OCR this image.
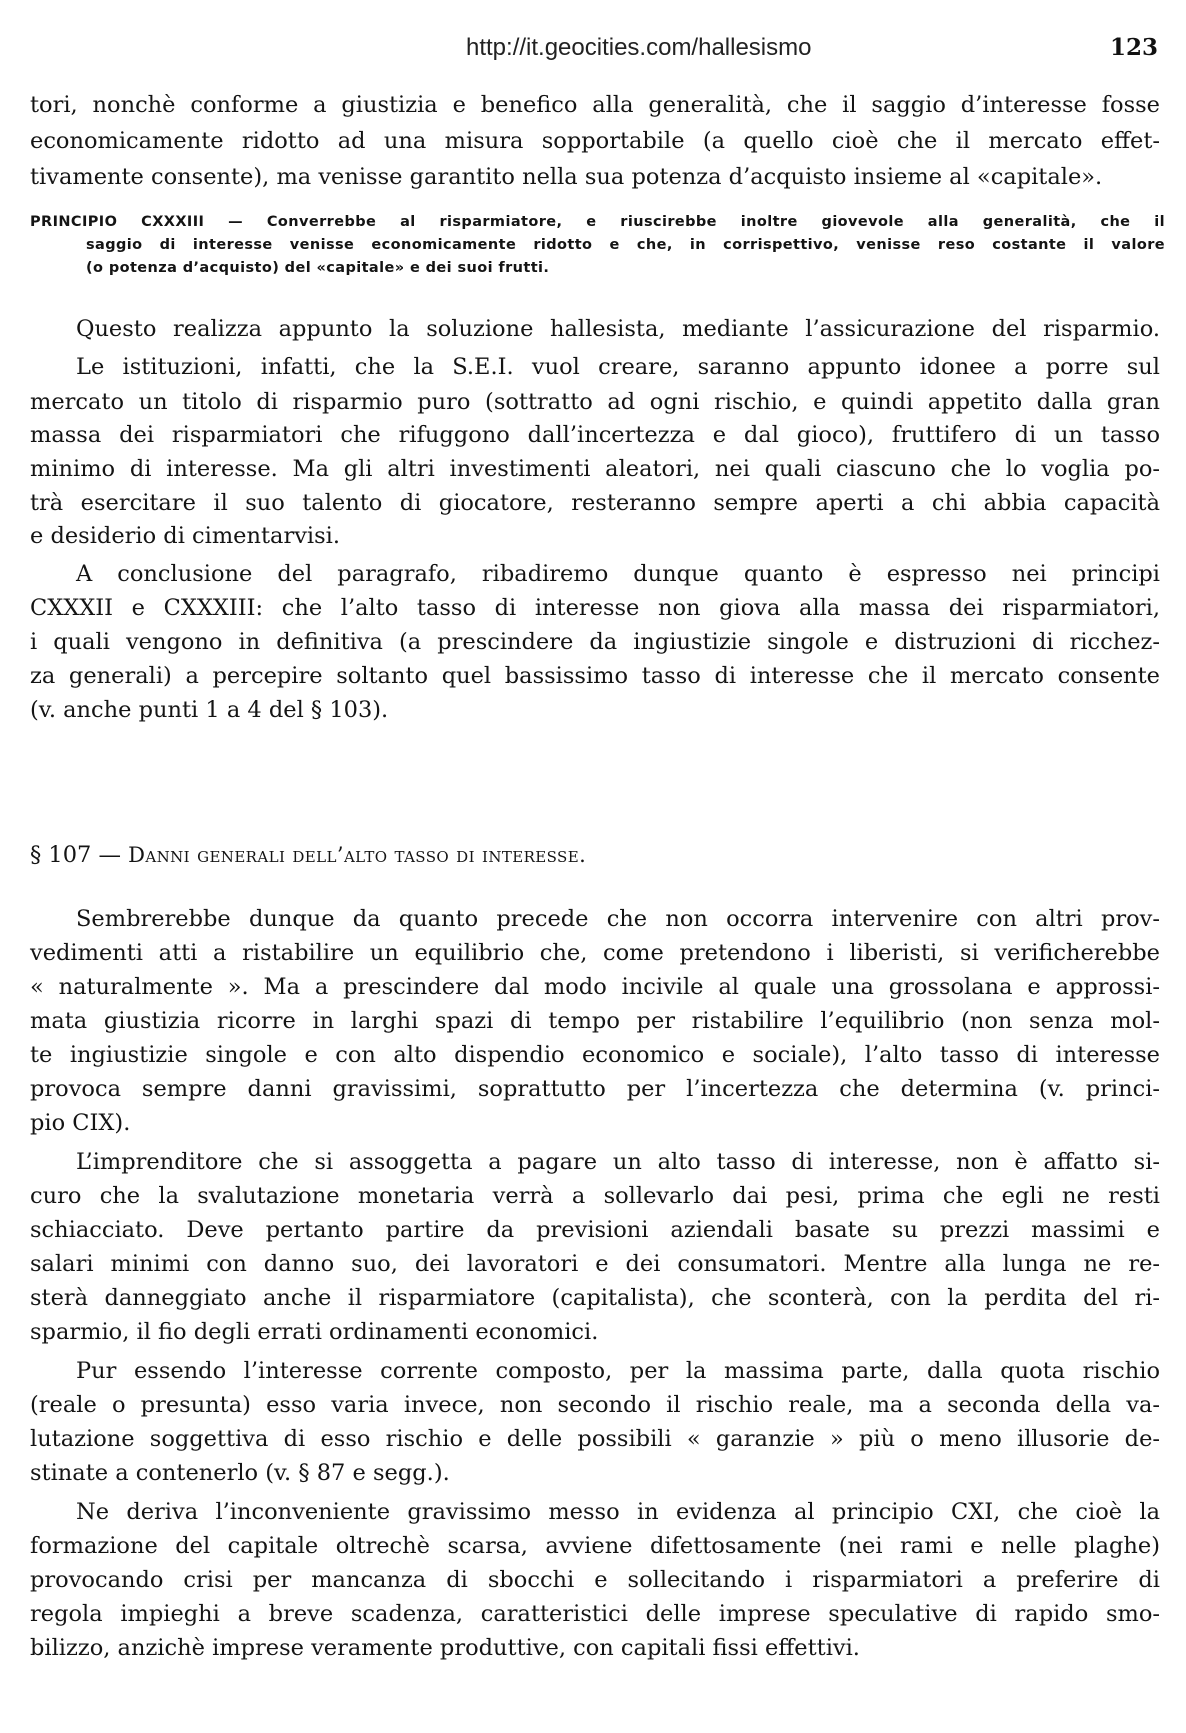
http://it.geocities.com/hallesismo	123
tori, nonchè conforme a giustizia e benefico alla generalità, che il saggio d’interesse fosse
economicamente ridotto ad una misura sopportabile (a quello cioè che il mercato effet-
tivamente consente), ma venisse garantito nella sua potenza d’acquisto insieme al «capitale».
PRINCIPIO CXXXIII — Converrebbe al risparmiatore, e riuscirebbe inoltre giovevole alla generalità, che il
saggio di interesse venisse economicamente ridotto e che, in corrispettivo, venisse reso costante il valore
(o potenza d’acquisto) del «capitale» e dei suoi frutti.
Questo realizza appunto la soluzione hallesista, mediante l’assicurazione del risparmio.
Le istituzioni, infatti, che la S.E.I. vuol creare, saranno appunto idonee a porre sul
mercato un titolo di risparmio puro (sottratto ad ogni rischio, e quindi appetito dalla gran
massa dei risparmiatori che rifuggono dall’incertezza e dal gioco), fruttifero di un tasso
minimo di interesse. Ma gli altri investimenti aleatori, nei quali ciascuno che lo voglia po-
trà esercitare il suo talento di giocatore, resteranno sempre aperti a chi abbia capacità
e desiderio di cimentarvisi.
A conclusione del paragrafo, ribadiremo dunque quanto è espresso nei principi
CXXXII e CXXXIII: che l’alto tasso di interesse non giova alla massa dei risparmiatori,
i quali vengono in definitiva (a prescindere da ingiustizie singole e distruzioni di ricchez-
za generali) a percepire soltanto quel bassissimo tasso di interesse che il mercato consente
(v. anche punti 1 a 4 del § 103).
§ 107 — Danni generali dell’alto tasso di interesse.
Sembrerebbe dunque da quanto precede che non occorra intervenire con altri prov-
vedimenti atti a ristabilire un equilibrio che, come pretendono i liberisti, si verificherebbe
« naturalmente ». Ma a prescindere dal modo incivile al quale una grossolana e approssi-
mata giustizia ricorre in larghi spazi di tempo per ristabilire l’equilibrio (non senza mol-
te ingiustizie singole e con alto dispendio economico e sociale), l’alto tasso di interesse
provoca sempre danni gravissimi, soprattutto per l’incertezza che determina (v. princi-
pio CIX).
L’imprenditore che si assoggetta a pagare un alto tasso di interesse, non è affatto si-
curo che la svalutazione monetaria verrà a sollevarlo dai pesi, prima che egli ne resti
schiacciato. Deve pertanto partire da previsioni aziendali basate su prezzi massimi e
salari minimi con danno suo, dei lavoratori e dei consumatori. Mentre alla lunga ne re-
sterà danneggiato anche il risparmiatore (capitalista), che sconterà, con la perdita del ri-
sparmio, il fio degli errati ordinamenti economici.
Pur essendo l’interesse corrente composto, per la massima parte, dalla quota rischio
(reale o presunta) esso varia invece, non secondo il rischio reale, ma a seconda della va-
lutazione soggettiva di esso rischio e delle possibili « garanzie » più o meno illusorie de-
stinate a contenerlo (v. § 87 e segg.).
Ne deriva l’inconveniente gravissimo messo in evidenza al principio CXI, che cioè la
formazione del capitale oltrechè scarsa, avviene difettosamente (nei rami e nelle plaghe)
provocando crisi per mancanza di sbocchi e sollecitando i risparmiatori a preferire di
regola impieghi a breve scadenza, caratteristici delle imprese speculative di rapido smo-
bilizzo, anzichè imprese veramente produttive, con capitali fissi effettivi.
